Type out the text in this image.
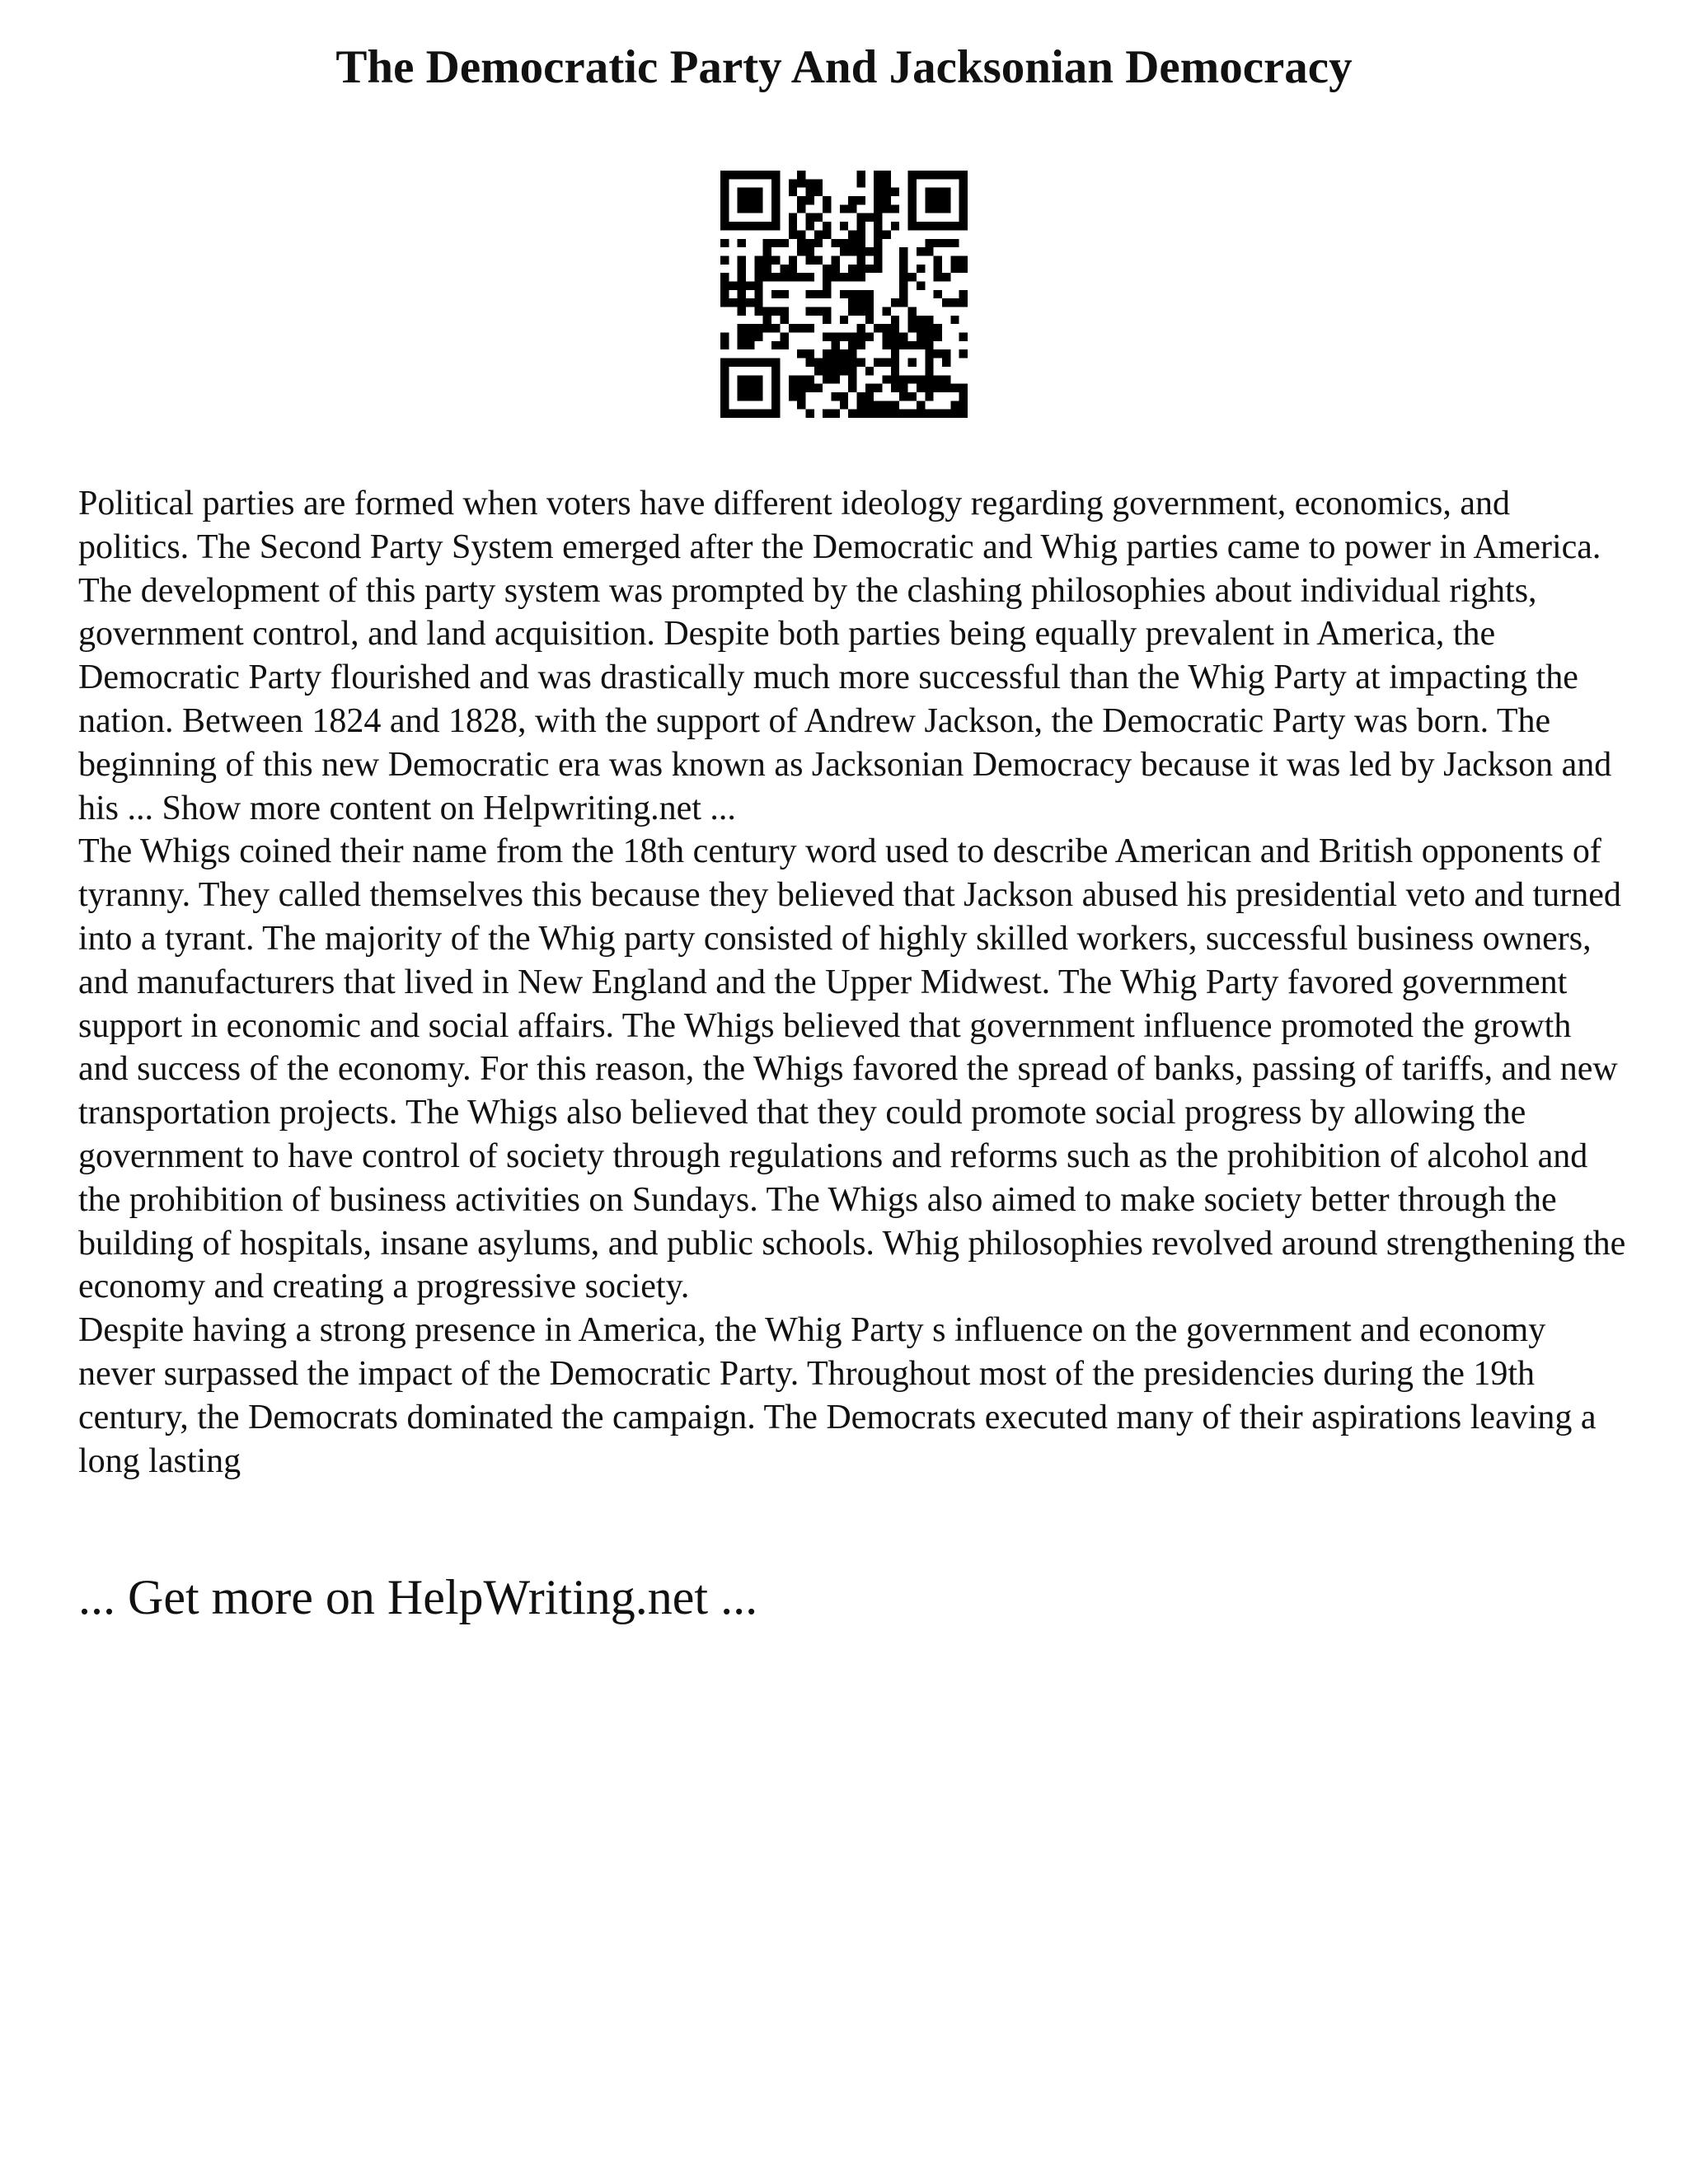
The Democratic Party And Jacksonian Democracy

Political parties are formed when voters have different ideology regarding government, economics, and politics. The Second Party System emerged after the Democratic and Whig parties came to power in America. The development of this party system was prompted by the clashing philosophies about individual rights, government control, and land acquisition. Despite both parties being equally prevalent in America, the Democratic Party flourished and was drastically much more successful than the Whig Party at impacting the nation. Between 1824 and 1828, with the support of Andrew Jackson, the Democratic Party was born. The beginning of this new Democratic era was known as Jacksonian Democracy because it was led by Jackson and his ... Show more content on Helpwriting.net ...

The Whigs coined their name from the 18th century word used to describe American and British opponents of tyranny. They called themselves this because they believed that Jackson abused his presidential veto and turned into a tyrant. The majority of the Whig party consisted of highly skilled workers, successful business owners, and manufacturers that lived in New England and the Upper Midwest. The Whig Party favored government support in economic and social affairs. The Whigs believed that government influence promoted the growth and success of the economy. For this reason, the Whigs favored the spread of banks, passing of tariffs, and new transportation projects. The Whigs also believed that they could promote social progress by allowing the government to have control of society through regulations and reforms such as the prohibition of alcohol and the prohibition of business activities on Sundays. The Whigs also aimed to make society better through the building of hospitals, insane asylums, and public schools. Whig philosophies revolved around strengthening the economy and creating a progressive society.

Despite having a strong presence in America, the Whig Party s influence on the government and economy never surpassed the impact of the Democratic Party. Throughout most of the presidencies during the 19th century, the Democrats dominated the campaign. The Democrats executed many of their aspirations leaving a long lasting

... Get more on HelpWriting.net ...
